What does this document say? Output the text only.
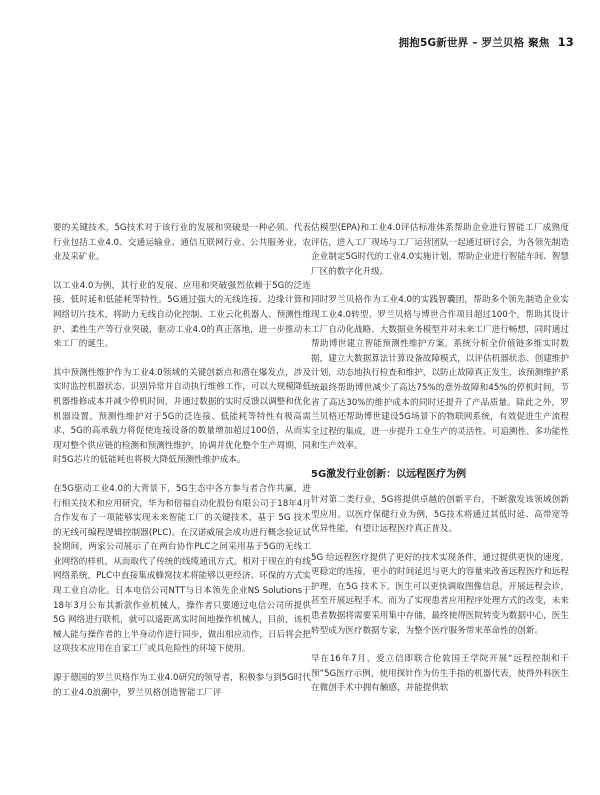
拥抱5G新世界 – 罗兰贝格 聚焦 13

要的关键技术，5G技术对于该行业的发展和突破是一种必须。代表行业包括工业4.0、交通运输业、通信互联网行业、公共服务业、农业及采矿业。

以工业4.0为例，其行业的发展、应用和突破强烈依赖于5G的泛连接、低时延和低能耗等特性。5G通过强大的无线连接、边缘计算和网络切片技术，将助力无线自动化控制、工业云化机器人、预测性维护、柔性生产等行业突破，驱动工业4.0的真正落地，进一步推动未来工厂的诞生。

其中预测性维护作为工业4.0领域的关键创新点和潜在爆发点，涉及实时监控机器状态、识别异常并自动执行维修工作，可以大规模降低机器维修成本并减少停机时间，并通过数据的实时反馈以调整和优化机器设置。预测性维护对于5G的泛连接、低能耗等特性有极高需求，5G的高承载力将促使连接设备的数量增加超过100倍，从而实现对整个供应链的检测和预测性维护，协调并优化整个生产周期，同时5G芯片的低能耗也将极大降低预测性维护成本。

在5G驱动工业4.0的大背景下，5G生态中各方参与者合作共赢，进行相关技术和应用研究，华为和倍福自动化股份有限公司于18年4月合作发布了一项能够实现未来智能工厂的关键技术，基于 5G 技术的无线可编程逻辑控制器(PLC)。在汉诺威展会成功进行概念验证试验期间，两家公司展示了在两台协作PLC之间采用基于5G的无线工业网络的样机，从而取代了传统的线缆通讯方式。相对于现在的有线网络系统，PLC中直接集成蜂窝技术将能够以更经济、环保的方式实现工业自动化。日本电信公司NTT与日本领先企业NS Solutions于18年3月公布其新款作业机械人，操作者只要通过电信公司所提供 5G 网络进行联机，就可以遥距离实时间地操作机械人，目前，该机械人能与操作者的上半身动作进行同步，做出相应动作，日后将会把这项技术应用在自家工厂或具危险性的环境下使用。

源于德国的罗兰贝格作为工业4.0研究的领导者，积极参与到5G时代的工业4.0浪潮中，罗兰贝格创造智能工厂评

估模型(EPA)和工业4.0评估标准体系帮助企业进行智能工厂成熟度评估，进入工厂现场与工厂运营团队一起通过研讨会，为各领先制造企业制定5G时代的工业4.0实施计划，帮助企业进行智能车间、智慧厂区的数字化升级。

同时罗兰贝格作为工业4.0的实践智囊团，帮助多个领先制造企业实现工业4.0转型。罗兰贝格与博世合作项目超过100个，帮助其设计工厂自动化战略、大数据业务模型并对未来工厂进行畅想，同时通过帮助博世建立智能预测性维护方案，系统分析全价值链多维实时数据，建立大数据算法计算设备故障模式，以评估机器状态、创建维护计划，动态地执行检查和维护，以防止故障真正发生，该预测维护系统最终帮助博世减少了高达75%的意外故障和45%的停机时间，节省了高达30%的维护成本的同时还提升了产品质量。除此之外，罗兰贝格还帮助博世建设5G场景下的物联网系统，有效促进生产流程全过程的集成，进一步提升工业生产的灵活性、可追溯性、多功能性和生产效率。

5G激发行业创新：以远程医疗为例

针对第二类行业，5G将提供卓越的创新平台，不断激发该领域创新型应用。以医疗保健行业为例，5G技术将通过其低时延、高带宽等优异性能，有望让远程医疗真正普及。

5G 给远程医疗提供了更好的技术实现条件，通过提供更快的速度，更稳定的连接，更小的时间延迟与更大的容量来改善远程医疗和远程护理，在5G 技术下，医生可以更快调取图像信息，开展远程会诊，甚至开展远程手术。而为了实现患者应用程序处理方式的改变，未来患者数据将需要采用集中存储，最终使得医院转变为数据中心，医生转型成为医疗数据专家，为整个医疗服务带来革命性的创新。

早在16年7月，爱立信即联合伦敦国王学院开展“远程控制和干预”5G医疗示例，使用探针作为仿生手指的机器代表，使得外科医生在微创手术中拥有触感，并能提供软
